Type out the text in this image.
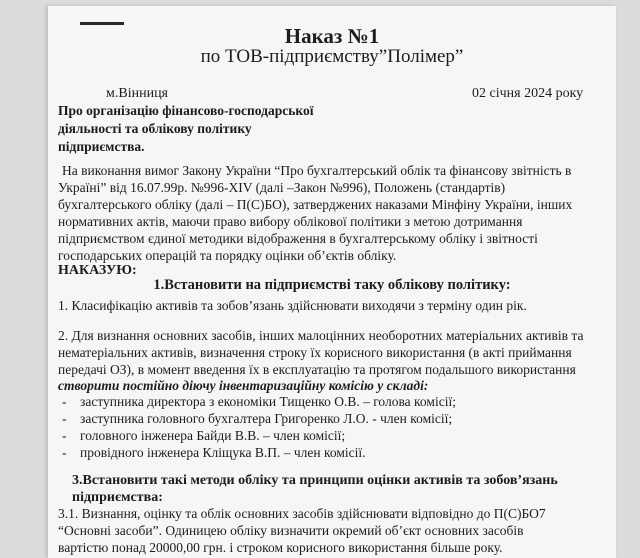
Наказ №1
по ТОВ-підприємству”Полімер”
м.Вінниця	02 січня 2024 року
Про організацію фінансово-господарської діяльності та облікову політику підприємства.
На виконання вимог Закону України “Про бухгалтерський облік та фінансову звітність в
Україні” від 16.07.99р. №996-XIV (далі –Закон №996), Положень (стандартів)
бухгалтерського обліку (далі – П(С)БО), затверджених наказами Мінфіну України, інших
нормативних актів, маючи право вибору облікової політики з метою дотримання
підприємством єдиної методики відображення в бухгалтерському обліку і звітності
господарських операцій та порядку оцінки об’єктів обліку.
НАКАЗУЮ:
1.Встановити на підприємстві таку облікову політику:
1. Класифікацію активів та зобов’язань здійснювати виходячи з терміну один рік.
2. Для визнання основних засобів, інших малоцінних необоротних матеріальних активів та
нематеріальних активів, визначення строку їх корисного використання (в акті приймання
передачі ОЗ), в момент введення їх в експлуатацію та протягом подальшого використання
створити постійно діючу інвентаризаційну комісію у складі:
-    заступника директора з економіки Тищенко О.В. – голова комісії;
-    заступника головного бухгалтера Григоренко Л.О. - член комісії;
-    головного інженера Байди В.В. – член комісії;
-    провідного інженера Кліщука В.П. – член комісії.
3.Встановити такі методи обліку та принципи оцінки активів та зобов’язань
підприємства:
3.1. Визнання, оцінку та облік основних засобів здійснювати відповідно до П(С)БО7
“Основні засоби”. Одиницею обліку визначити окремий об’єкт основних засобів
вартістю понад 20000,00 грн. і строком корисного використання більше року.
